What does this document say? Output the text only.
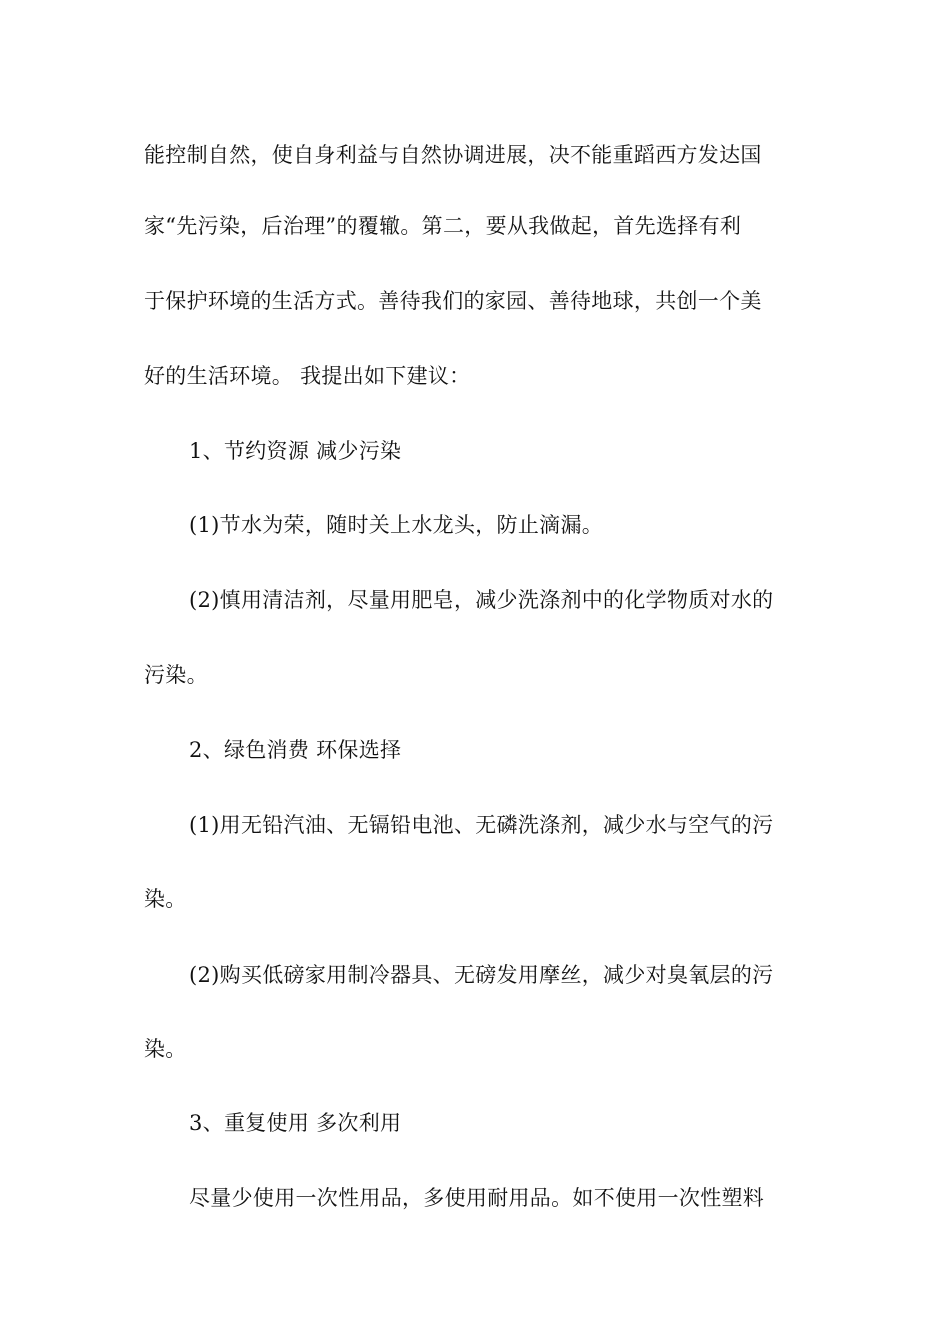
能控制自然，使自身利益与自然协调进展，决不能重蹈西方发达国
家“先污染，后治理”的覆辙。第二，要从我做起，首先选择有利
于保护环境的生活方式。善待我们的家园、善待地球，共创一个美
好的生活环境。 我提出如下建议：
1、节约资源 减少污染
(1)节水为荣，随时关上水龙头，防止滴漏。
(2)慎用清洁剂，尽量用肥皂，减少洗涤剂中的化学物质对水的
污染。
2、绿色消费 环保选择
(1)用无铅汽油、无镉铅电池、无磷洗涤剂，减少水与空气的污
染。
(2)购买低磅家用制冷器具、无磅发用摩丝，减少对臭氧层的污
染。
3、重复使用 多次利用
尽量少使用一次性用品，多使用耐用品。如不使用一次性塑料
